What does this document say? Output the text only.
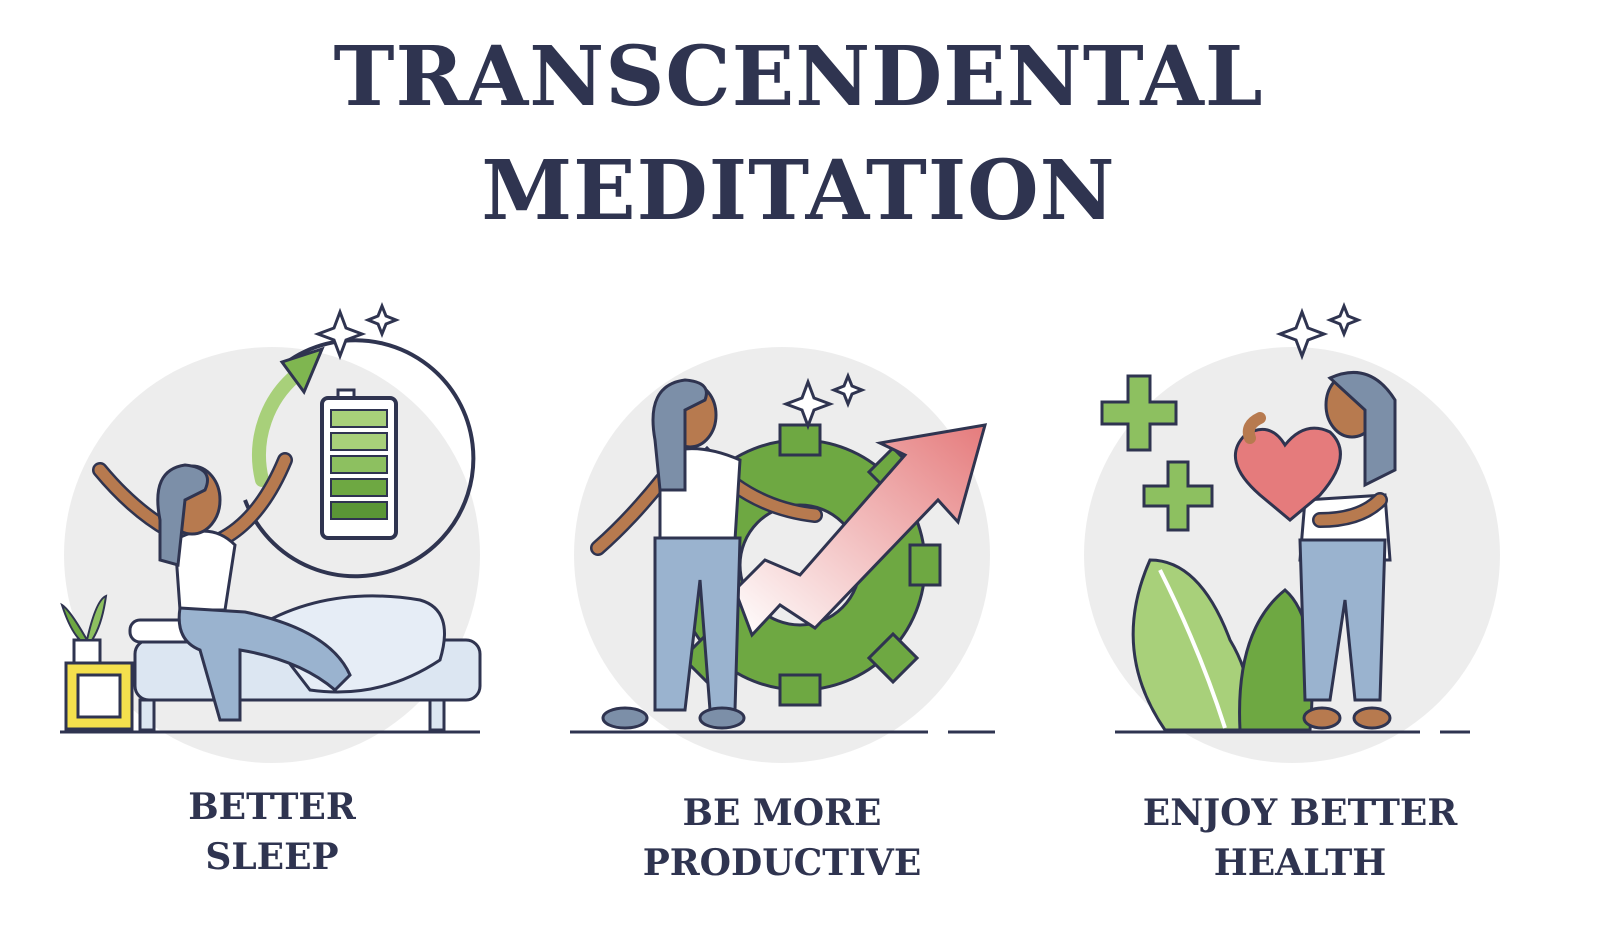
TRANSCENDENTAL
MEDITATION
BETTER
SLEEP
BE MORE
PRODUCTIVE
ENJOY BETTER
HEALTH
